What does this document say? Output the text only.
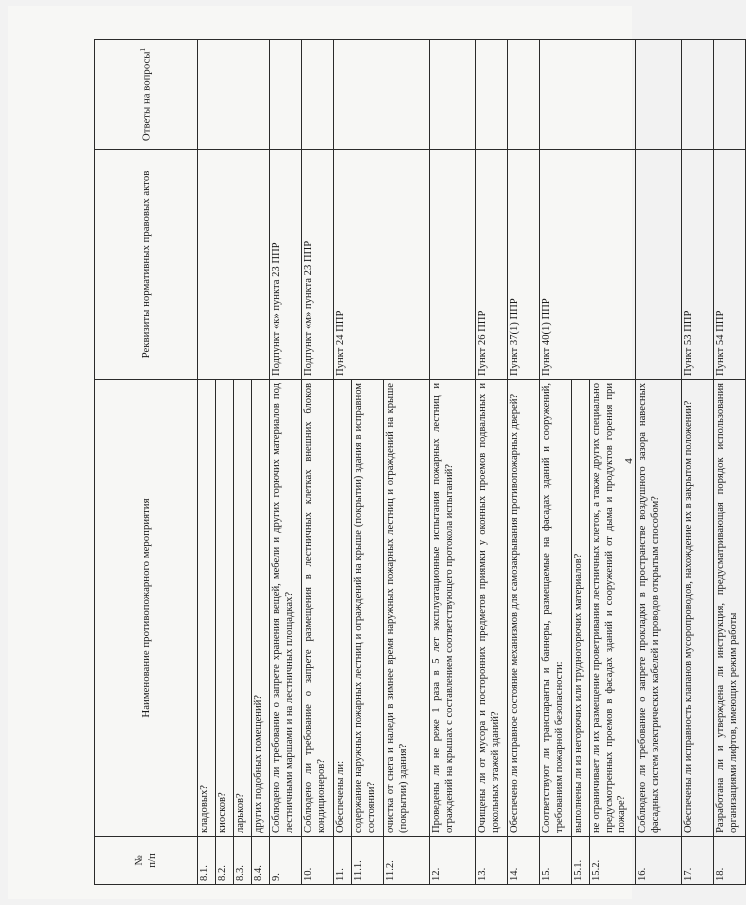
4
№
п/п	Наименование противопожарного мероприятия	Реквизиты нормативных правовых актов	Ответы на вопросы$^1$
8.1.	кладовых?		
8.2.	киосков?		
8.3.	ларьков?		
8.4.	других подобных помещений?		
9.	Соблюдено ли требование о запрете хранения вещей, мебели и других горючих материалов под лестничными маршами и на лестничных площадках?	Подпункт «к» пункта 23 ППР	
10.	Соблюдено ли требование о запрете размещения в лестничных клетках внешних блоков кондиционеров?	Подпункт «м» пункта 23 ППР	
11.	Обеспечены ли:	Пункт 24 ППР	
11.1.	содержание наружных пожарных лестниц и ограждений на крыше (покрытии) здания в исправном состоянии?		
11.2.	очистка от снега и наледи в зимнее время наружных пожарных лестниц и ограждений на крыше (покрытии) здания?		
12.	Проведены ли не реже 1 раза в 5 лет эксплуатационные испытания пожарных лестниц и ограждений на крышах с составлением соответствующего протокола испытаний?		
13.	Очищены ли от мусора и посторонних предметов приямки у оконных проемов подвальных и цокольных этажей зданий?	Пункт 26 ППР	
14.	Обеспечено ли исправное состояние механизмов для самозакрывания противопожарных дверей?	Пункт 37(1) ППР	
15.	Соответствуют ли транспаранты и баннеры, размещаемые на фасадах зданий и сооружений, требованиям пожарной безопасности:	Пункт 40(1) ППР	
15.1.	выполнены ли из негорючих или трудногорючих материалов?		
15.2.	не ограничивает ли их размещение проветривания лестничных клеток, а также других специально предусмотренных проемов в фасадах зданий и сооружений от дыма и продуктов горения при пожаре?		
16.	Соблюдено ли требование о запрете прокладки в пространстве воздушного зазора навесных фасадных систем электрических кабелей и проводов открытым способом?		
17.	Обеспечены ли исправность клапанов мусоропроводов, нахождение их в закрытом положении?	Пункт 53 ППР	
18.	Разработана ли и утверждена ли инструкция, предусматривающая порядок использования организациями лифтов, имеющих режим работы	Пункт 54 ППР	
